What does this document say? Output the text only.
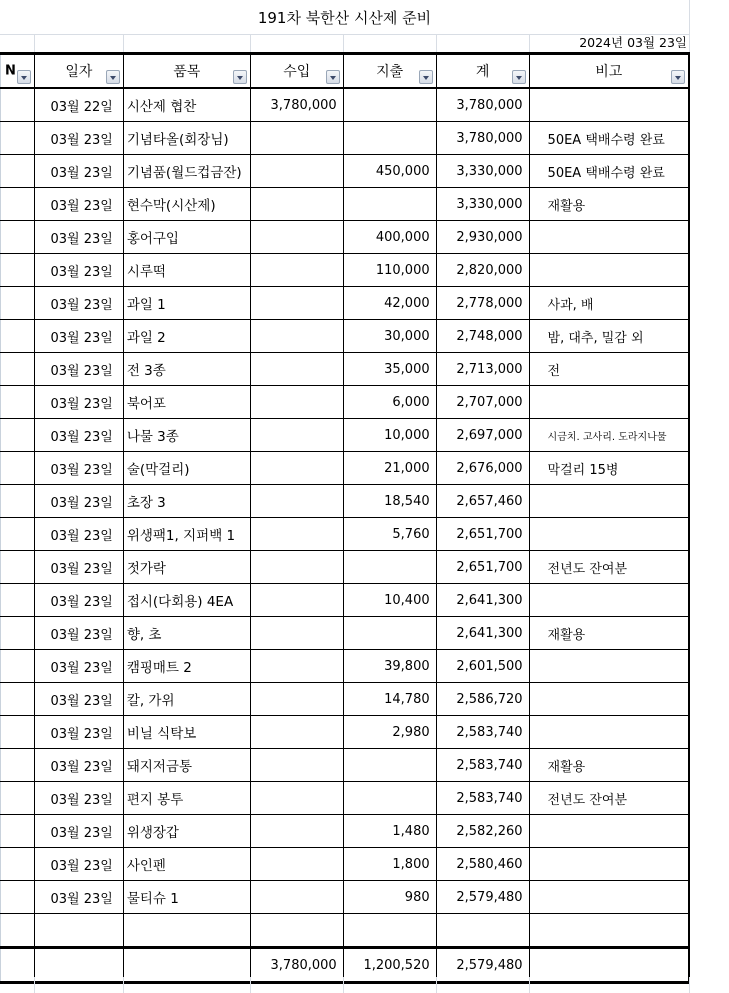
191차 북한산 시산제 준비
2024년 03월 23일
N	일자	품목	수입	지출	계	비고

	03월 22일	시산제 협찬	3,780,000		3,780,000	
	03월 23일	기념타올(회장님)			3,780,000	50EA 택배수령 완료
	03월 23일	기념품(월드컵금잔)		450,000	3,330,000	50EA 택배수령 완료
	03월 23일	현수막(시산제)			3,330,000	재활용
	03월 23일	홍어구입		400,000	2,930,000	
	03월 23일	시루떡		110,000	2,820,000	
	03월 23일	과일 1		42,000	2,778,000	사과, 배
	03월 23일	과일 2		30,000	2,748,000	밤, 대추, 밀감 외
	03월 23일	전 3종		35,000	2,713,000	전
	03월 23일	북어포		6,000	2,707,000	
	03월 23일	나물 3종		10,000	2,697,000	시금치. 고사리. 도라지나물
	03월 23일	술(막걸리)		21,000	2,676,000	막걸리 15병
	03월 23일	초장 3		18,540	2,657,460	
	03월 23일	위생팩1, 지퍼백 1		5,760	2,651,700	
	03월 23일	젓가락			2,651,700	전년도 잔여분
	03월 23일	접시(다회용) 4EA		10,400	2,641,300	
	03월 23일	향, 초			2,641,300	재활용
	03월 23일	캠핑매트 2		39,800	2,601,500	
	03월 23일	칼, 가위		14,780	2,586,720	
	03월 23일	비닐 식탁보		2,980	2,583,740	
	03월 23일	돼지저금통			2,583,740	재활용
	03월 23일	편지 봉투			2,583,740	전년도 잔여분
	03월 23일	위생장갑		1,480	2,582,260	
	03월 23일	사인펜		1,800	2,580,460	
	03월 23일	물티슈 1		980	2,579,480	

			3,780,000	1,200,520	2,579,480	
